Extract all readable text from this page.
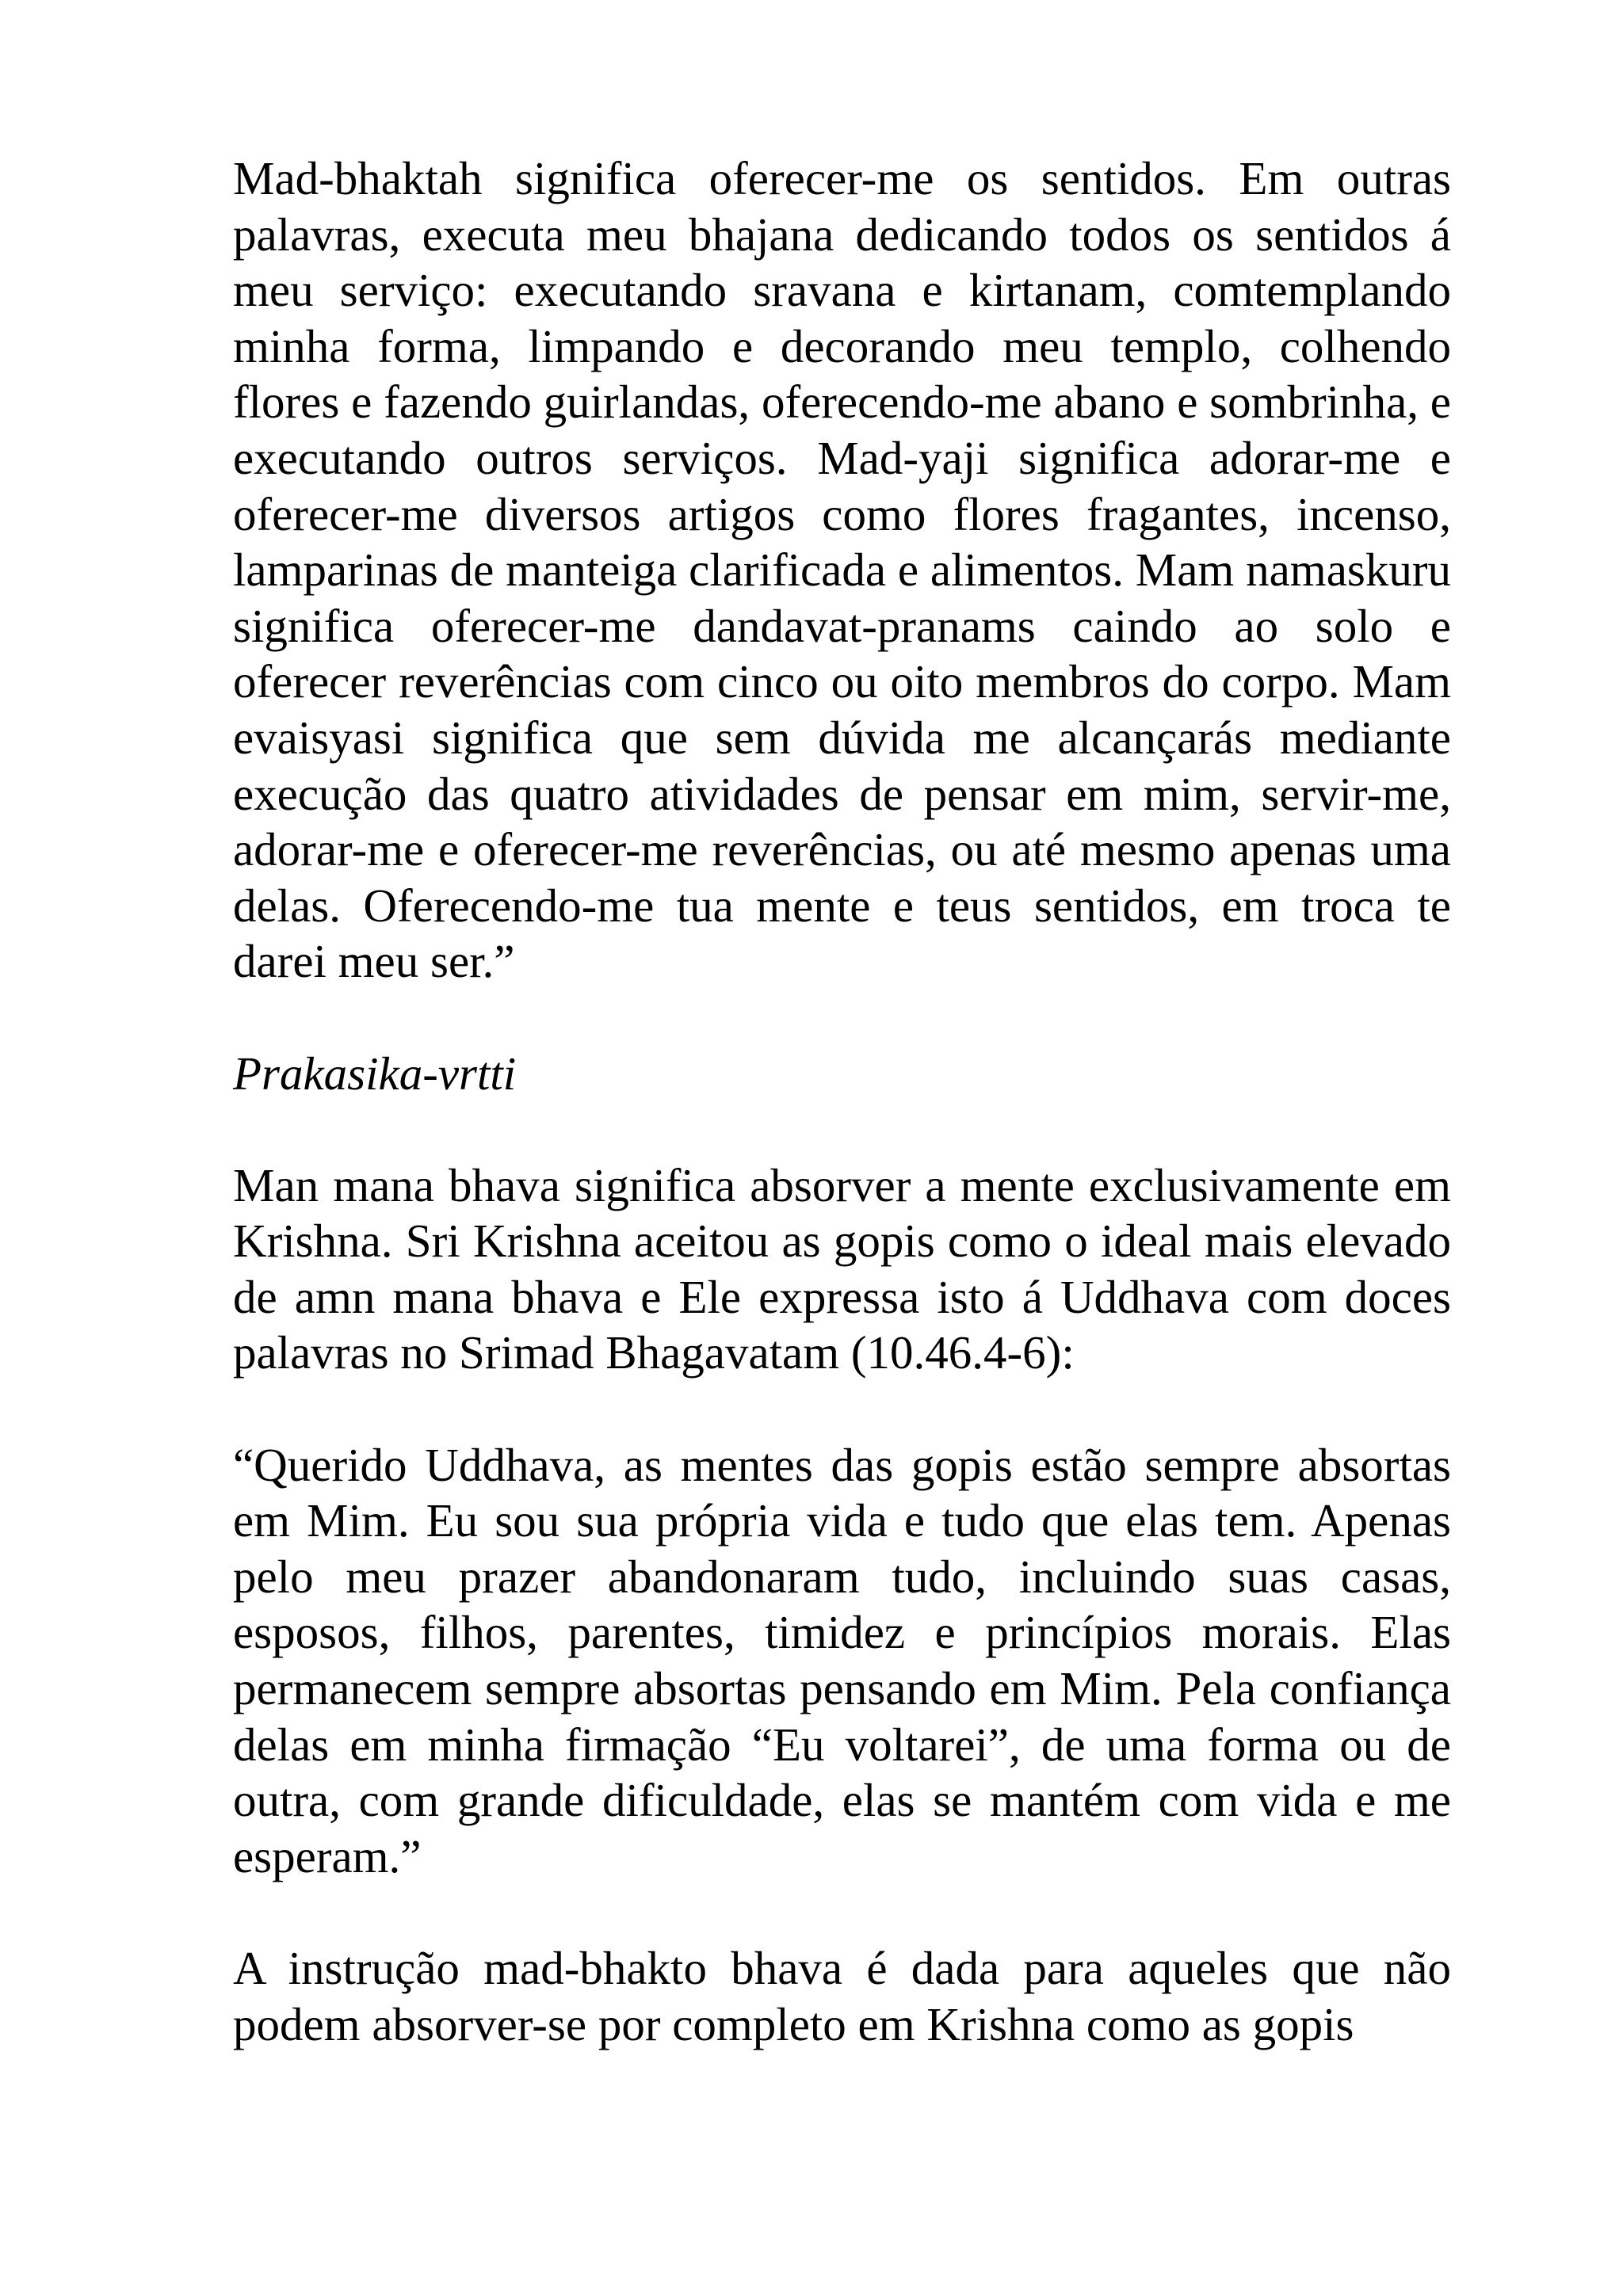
Mad-bhaktah significa oferecer-me os sentidos. Em outras palavras, executa meu bhajana dedicando todos os sentidos á meu serviço: executando sravana e kirtanam, comtemplando minha forma, limpando e decorando meu templo, colhendo flores e fazendo guirlandas, oferecendo-me abano e sombrinha, e executando outros serviços. Mad-yaji significa adorar-me e oferecer-me diversos artigos como flores fragantes, incenso, lamparinas de manteiga clarificada e alimentos. Mam namaskuru significa oferecer-me dandavat-pranams caindo ao solo e oferecer reverências com cinco ou oito membros do corpo. Mam evaisyasi significa que sem dúvida me alcançarás mediante execução das quatro atividades de pensar em mim, servir-me, adorar-me e oferecer-me reverências, ou até mesmo apenas uma delas. Oferecendo-me tua mente e teus sentidos, em troca te darei meu ser.”

Prakasika-vrtti

Man mana bhava significa absorver a mente exclusivamente em Krishna. Sri Krishna aceitou as gopis como o ideal mais elevado de amn mana bhava e Ele expressa isto á Uddhava com doces palavras no Srimad Bhagavatam (10.46.4-6):

“Querido Uddhava, as mentes das gopis estão sempre absortas em Mim. Eu sou sua própria vida e tudo que elas tem. Apenas pelo meu prazer abandonaram tudo, incluindo suas casas, esposos, filhos, parentes, timidez e princípios morais. Elas permanecem sempre absortas pensando em Mim. Pela confiança delas em minha firmação “Eu voltarei”, de uma forma ou de outra, com grande dificuldade, elas se mantém com vida e me esperam.”

A instrução mad-bhakto bhava é dada para aqueles que não podem absorver-se por completo em Krishna como as gopis
